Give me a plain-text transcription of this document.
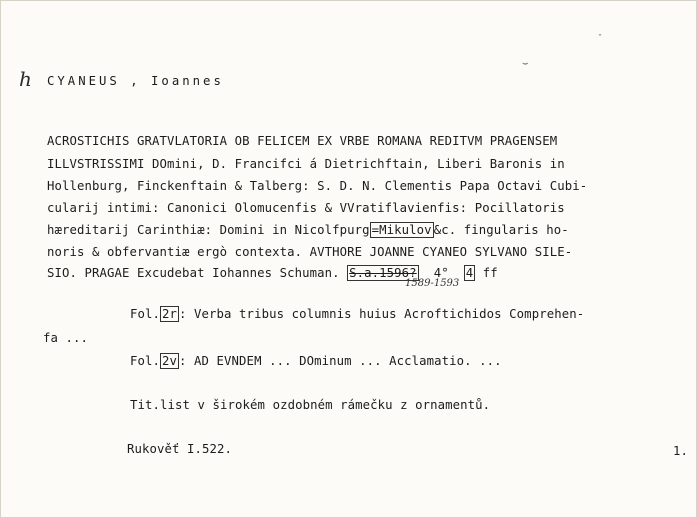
h CYANEUS , Ioannes
ACROSTICHIS GRATVLATORIA OB FELICEM EX VRBE ROMANA REDITVM PRAGENSEM
ILLVSTRISSIMI DOmini, D. Francifci á Dietrichftain, Liberi Baronis in
Hollenburg, Finckenftain & Talberg: S. D. N. Clementis Papa Octavi Cubi-
cularij intimi: Canonici Olomucenfis & VVratiflavienfis: Pocillatoris
hæreditarij Carinthiæ: Domini in Nicolfpurg =Mikulov &c. fingularis ho-
noris & obfervantiæ ergò contexta. AVTHORE JOANNE CYANEO SYLVANO SILE-
SIO. PRAGAE Excudebat Iohannes Schuman. S.a.1596? 4° 4 ff
1589-1593
Fol. 2r : Verba tribus columnis huius Acroftichidos Comprehen-
fa ...
Fol. 2v : AD EVNDEM ... DOminum ... Acclamatio. ...
Tit.list v širokém ozdobném rámečku z ornamentů.
Rukověť I.522.	1.
⌣
·
